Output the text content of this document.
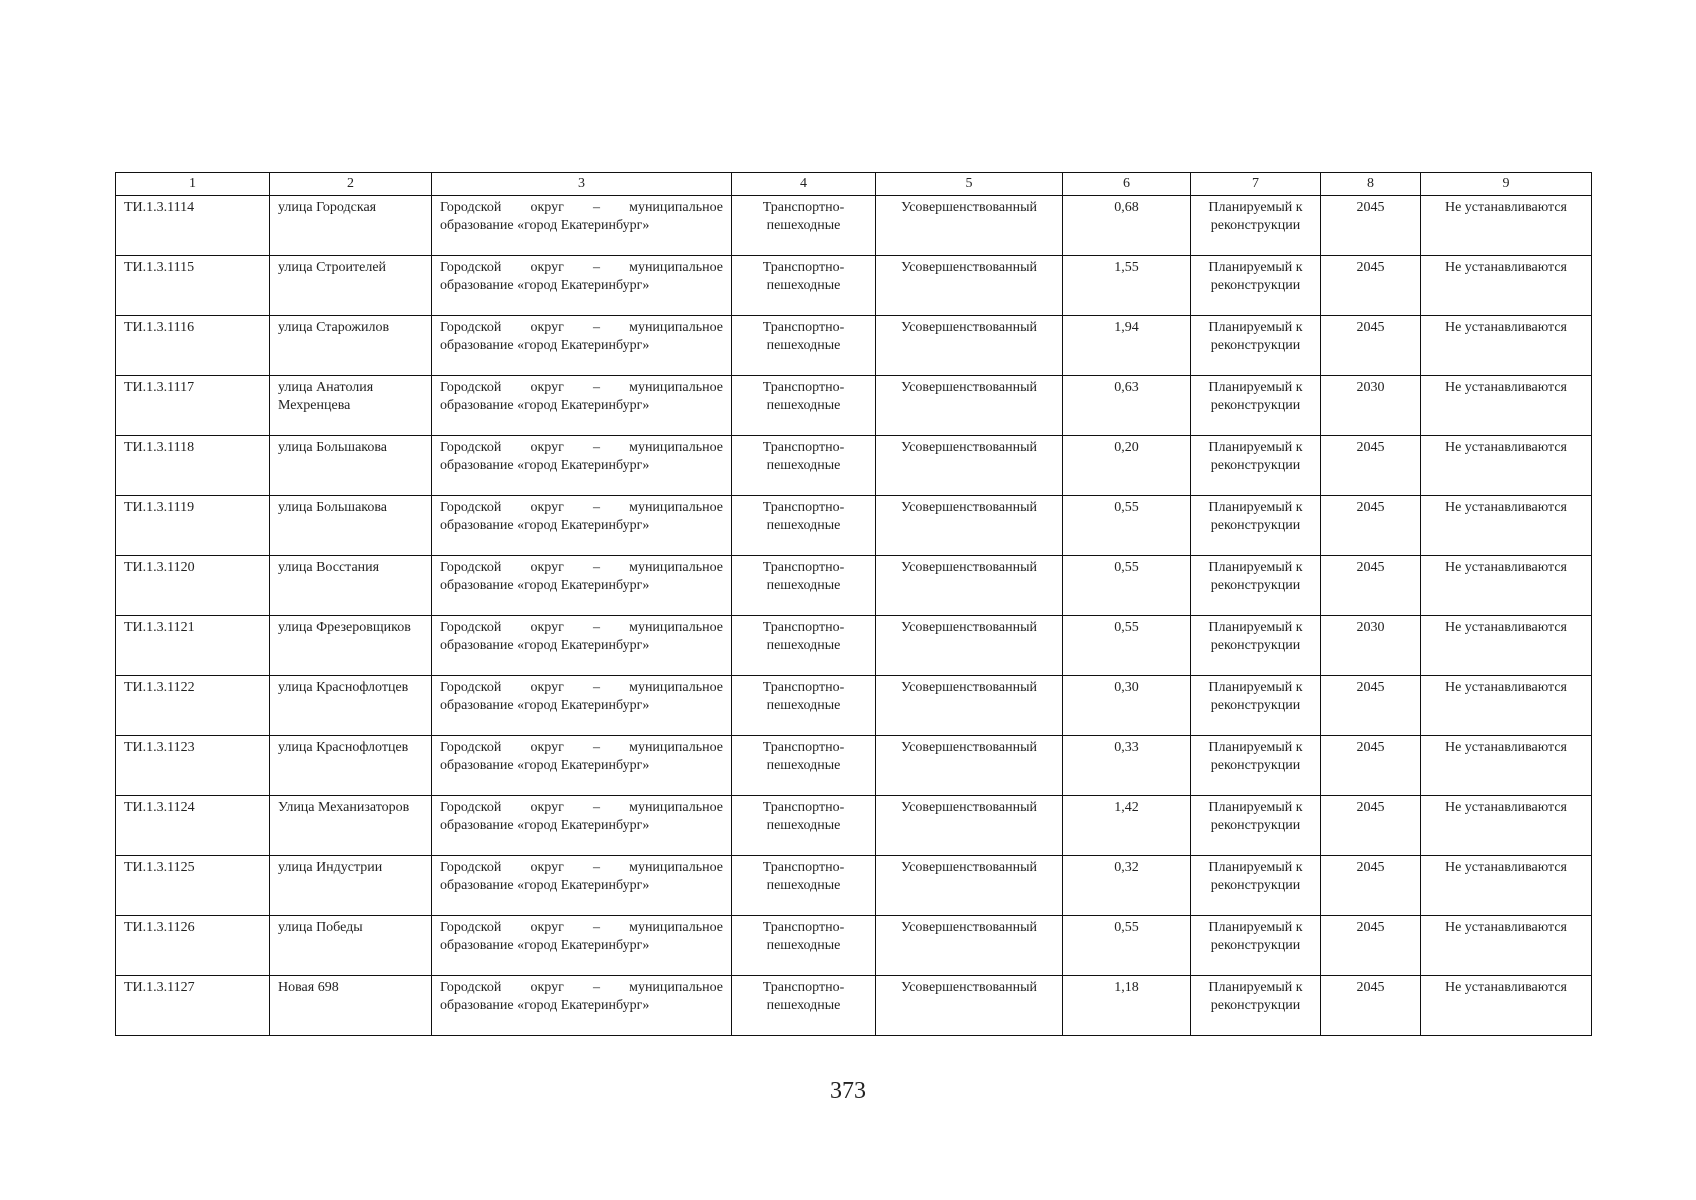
1	2	3	4	5	6	7	8	9
ТИ.1.3.1114	улица Городская	Городской округ – муниципальное образование «город Екатеринбург»	Транспортно-пешеходные	Усовершенствованный	0,68	Планируемый к реконструкции	2045	Не устанавливаются
ТИ.1.3.1115	улица Строителей	Городской округ – муниципальное образование «город Екатеринбург»	Транспортно-пешеходные	Усовершенствованный	1,55	Планируемый к реконструкции	2045	Не устанавливаются
ТИ.1.3.1116	улица Старожилов	Городской округ – муниципальное образование «город Екатеринбург»	Транспортно-пешеходные	Усовершенствованный	1,94	Планируемый к реконструкции	2045	Не устанавливаются
ТИ.1.3.1117	улица Анатолия Мехренцева	Городской округ – муниципальное образование «город Екатеринбург»	Транспортно-пешеходные	Усовершенствованный	0,63	Планируемый к реконструкции	2030	Не устанавливаются
ТИ.1.3.1118	улица Большакова	Городской округ – муниципальное образование «город Екатеринбург»	Транспортно-пешеходные	Усовершенствованный	0,20	Планируемый к реконструкции	2045	Не устанавливаются
ТИ.1.3.1119	улица Большакова	Городской округ – муниципальное образование «город Екатеринбург»	Транспортно-пешеходные	Усовершенствованный	0,55	Планируемый к реконструкции	2045	Не устанавливаются
ТИ.1.3.1120	улица Восстания	Городской округ – муниципальное образование «город Екатеринбург»	Транспортно-пешеходные	Усовершенствованный	0,55	Планируемый к реконструкции	2045	Не устанавливаются
ТИ.1.3.1121	улица Фрезеровщиков	Городской округ – муниципальное образование «город Екатеринбург»	Транспортно-пешеходные	Усовершенствованный	0,55	Планируемый к реконструкции	2030	Не устанавливаются
ТИ.1.3.1122	улица Краснофлотцев	Городской округ – муниципальное образование «город Екатеринбург»	Транспортно-пешеходные	Усовершенствованный	0,30	Планируемый к реконструкции	2045	Не устанавливаются
ТИ.1.3.1123	улица Краснофлотцев	Городской округ – муниципальное образование «город Екатеринбург»	Транспортно-пешеходные	Усовершенствованный	0,33	Планируемый к реконструкции	2045	Не устанавливаются
ТИ.1.3.1124	Улица Механизаторов	Городской округ – муниципальное образование «город Екатеринбург»	Транспортно-пешеходные	Усовершенствованный	1,42	Планируемый к реконструкции	2045	Не устанавливаются
ТИ.1.3.1125	улица Индустрии	Городской округ – муниципальное образование «город Екатеринбург»	Транспортно-пешеходные	Усовершенствованный	0,32	Планируемый к реконструкции	2045	Не устанавливаются
ТИ.1.3.1126	улица Победы	Городской округ – муниципальное образование «город Екатеринбург»	Транспортно-пешеходные	Усовершенствованный	0,55	Планируемый к реконструкции	2045	Не устанавливаются
ТИ.1.3.1127	Новая 698	Городской округ – муниципальное образование «город Екатеринбург»	Транспортно-пешеходные	Усовершенствованный	1,18	Планируемый к реконструкции	2045	Не устанавливаются
373
